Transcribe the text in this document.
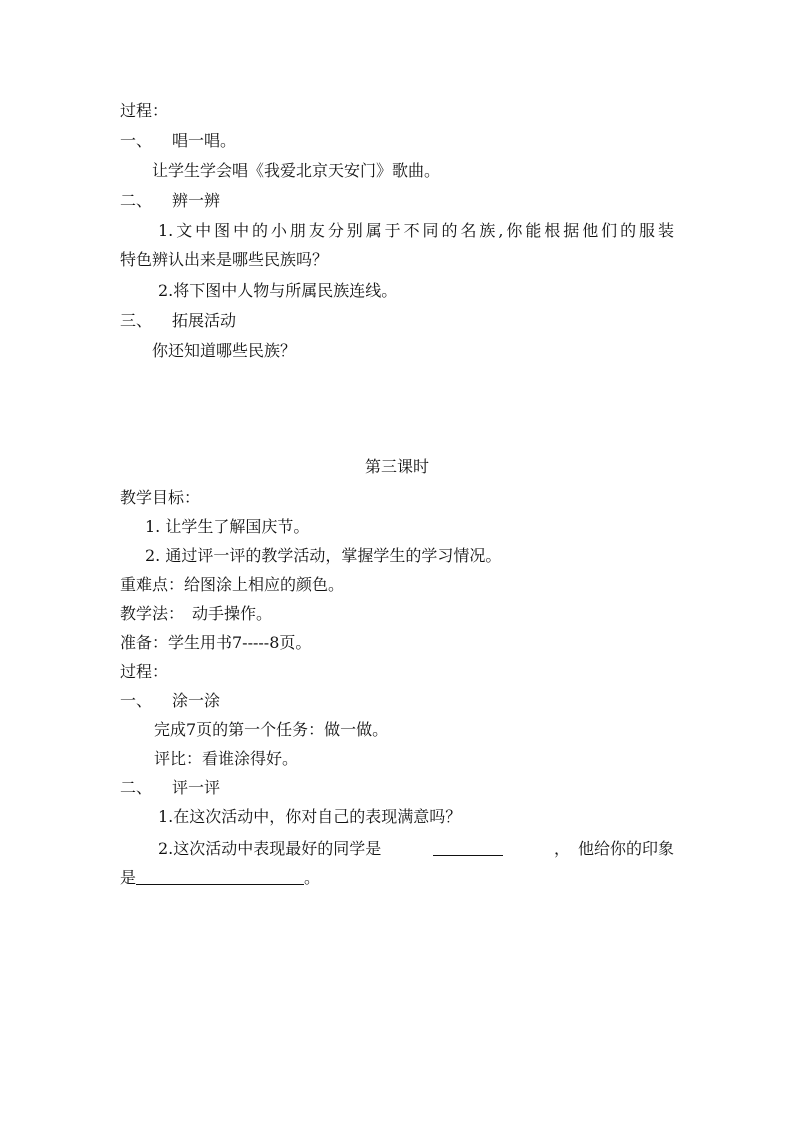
过程：
一、 唱一唱。
让学生学会唱《我爱北京天安门》歌曲。
二、 辨一辨
1.文中图中的小朋友分别属于不同的名族,你能根据他们的服装
特色辨认出来是哪些民族吗？
2.将下图中人物与所属民族连线。
三、 拓展活动
你还知道哪些民族？
第三课时
教学目标：
1. 让学生了解国庆节。
2. 通过评一评的教学活动，掌握学生的学习情况。
重难点：给图涂上相应的颜色。
教学法：　动手操作。
准备：学生用书7-----8页。
过程：
一、 涂一涂
完成7页的第一个任务：做一做。
评比：看谁涂得好。
二、 评一评
1.在这次活动中，你对自己的表现满意吗？
2.这次活动中表现最好的同学是	，　他给你的印象
是	。
